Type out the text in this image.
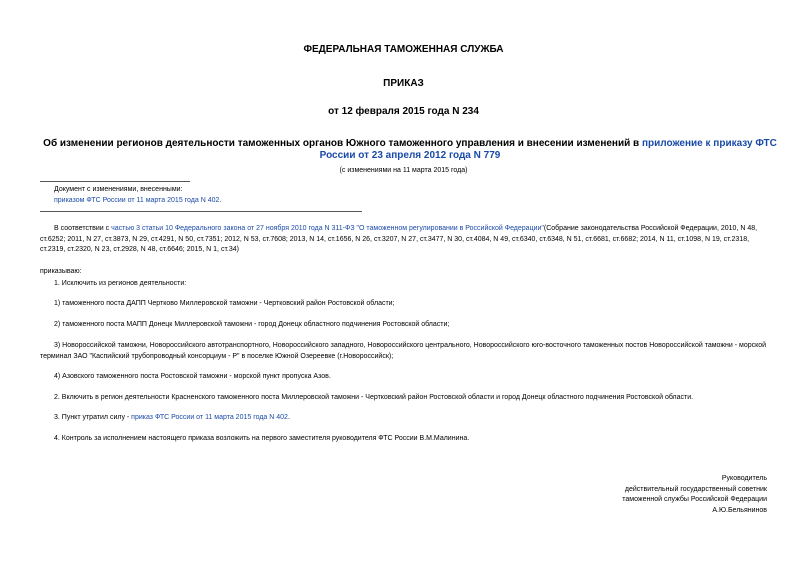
ФЕДЕРАЛЬНАЯ ТАМОЖЕННАЯ СЛУЖБА
ПРИКАЗ
от 12 февраля 2015 года N 234
Об изменении регионов деятельности таможенных органов Южного таможенного управления и внесении изменений в приложение к приказу ФТС России от 23 апреля 2012 года N 779
(с изменениями на 11 марта 2015 года)
Документ с изменениями, внесенными:
приказом ФТС России от 11 марта 2015 года N 402.
В соответствии с частью 3 статьи 10 Федерального закона от 27 ноября 2010 года N 311-ФЗ "О таможенном регулировании в Российской Федерации"(Собрание законодательства Российской Федерации, 2010, N 48, ст.6252; 2011, N 27, ст.3873, N 29, ст.4291, N 50, ст.7351; 2012, N 53, ст.7608; 2013, N 14, ст.1656, N 26, ст.3207, N 27, ст.3477, N 30, ст.4084, N 49, ст.6340, ст.6348, N 51, ст.6681, ст.6682; 2014, N 11, ст.1098, N 19, ст.2318, ст.2319, ст.2320, N 23, ст.2928, N 48, ст.6646; 2015, N 1, ст.34)
приказываю:
1. Исключить из регионов деятельности:
1) таможенного поста ДАПП Чертково Миллеровской таможни - Чертковский район Ростовской области;
2) таможенного поста МАПП Донецк Миллеровской таможни - город Донецк областного подчинения Ростовской области;
3) Новороссийской таможни, Новороссийского автотранспортного, Новороссийского западного, Новороссийского центрального, Новороссийского юго-восточного таможенных постов Новороссийской таможни - морской терминал ЗАО "Каспийский трубопроводный консорциум - Р" в поселке Южной Озереевке (г.Новороссийск);
4) Азовского таможенного поста Ростовской таможни - морской пункт пропуска Азов.
2. Включить в регион деятельности Красненского таможенного поста Миллеровской таможни - Чертковский район Ростовской области и город Донецк областного подчинения Ростовской области.
3. Пункт утратил силу - приказ ФТС России от 11 марта 2015 года N 402.
4. Контроль за исполнением настоящего приказа возложить на первого заместителя руководителя ФТС России В.М.Малинина.
Руководитель
действительный государственный советник
таможенной службы Российской Федерации
А.Ю.Бельянинов
